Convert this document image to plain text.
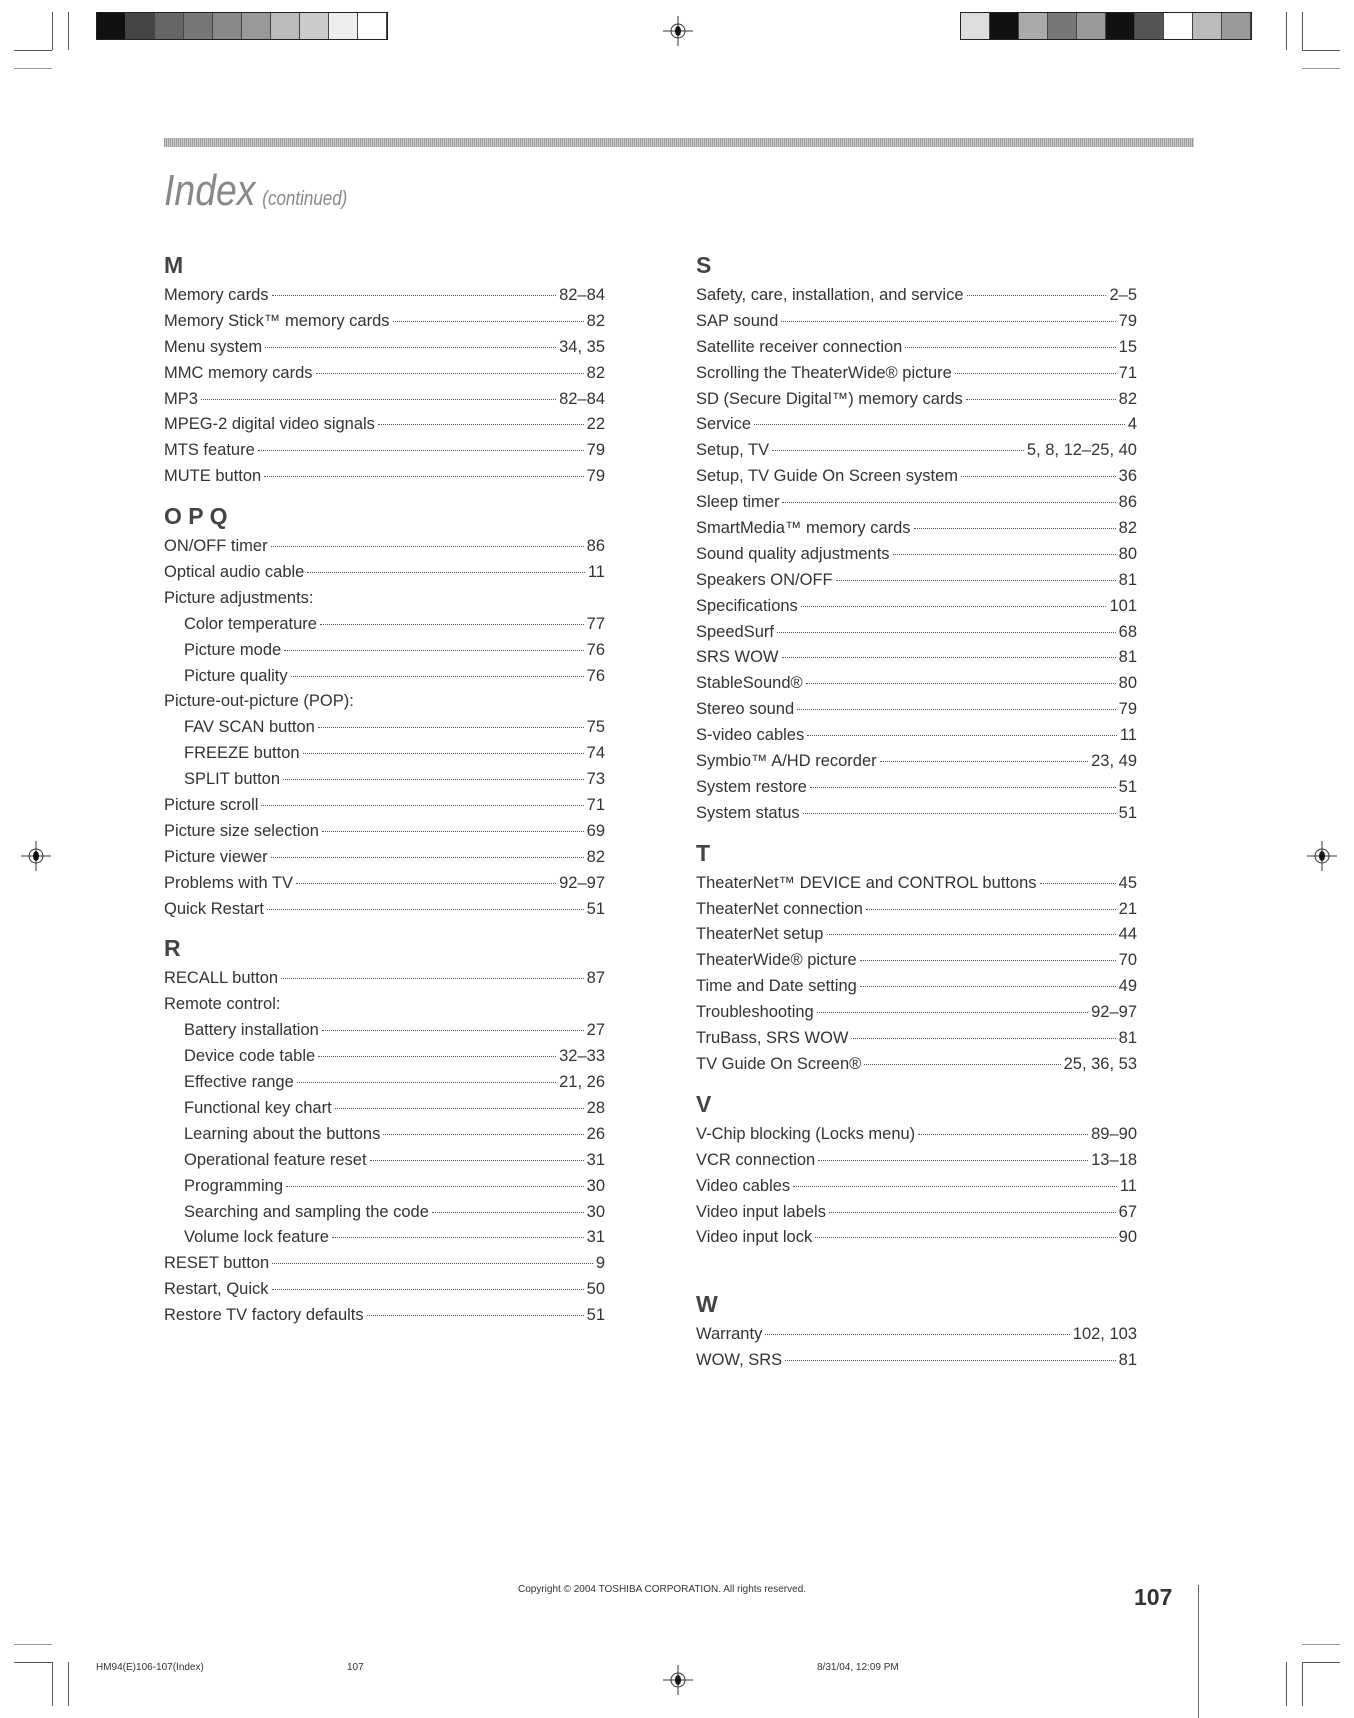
Index (continued)
M
Memory cards	82–84
Memory Stick™ memory cards	82
Menu system	34, 35
MMC memory cards	82
MP3	82–84
MPEG-2 digital video signals	22
MTS feature	79
MUTE button	79
O P Q
ON/OFF timer	86
Optical audio cable	11
Picture adjustments:
Color temperature	77
Picture mode	76
Picture quality	76
Picture-out-picture (POP):
FAV SCAN button	75
FREEZE button	74
SPLIT button	73
Picture scroll	71
Picture size selection	69
Picture viewer	82
Problems with TV	92–97
Quick Restart	51
R
RECALL button	87
Remote control:
Battery installation	27
Device code table	32–33
Effective range	21, 26
Functional key chart	28
Learning about the buttons	26
Operational feature reset	31
Programming	30
Searching and sampling the code	30
Volume lock feature	31
RESET button	9
Restart, Quick	50
Restore TV factory defaults	51
S
Safety, care, installation, and service	2–5
SAP sound	79
Satellite receiver connection	15
Scrolling the TheaterWide® picture	71
SD (Secure Digital™) memory cards	82
Service	4
Setup, TV	5, 8, 12–25, 40
Setup, TV Guide On Screen system	36
Sleep timer	86
SmartMedia™ memory cards	82
Sound quality adjustments	80
Speakers ON/OFF	81
Specifications	101
SpeedSurf	68
SRS WOW	81
StableSound®	80
Stereo sound	79
S-video cables	11
Symbio™ A/HD recorder	23, 49
System restore	51
System status	51
T
TheaterNet™ DEVICE and CONTROL buttons	45
TheaterNet connection	21
TheaterNet setup	44
TheaterWide® picture	70
Time and Date setting	49
Troubleshooting	92–97
TruBass, SRS WOW	81
TV Guide On Screen®	25, 36, 53
V
V-Chip blocking (Locks menu)	89–90
VCR connection	13–18
Video cables	11
Video input labels	67
Video input lock	90
W
Warranty	102, 103
WOW, SRS	81
Copyright © 2004 TOSHIBA CORPORATION. All rights reserved.	107
HM94(E)106-107(Index)	107	8/31/04, 12:09 PM
